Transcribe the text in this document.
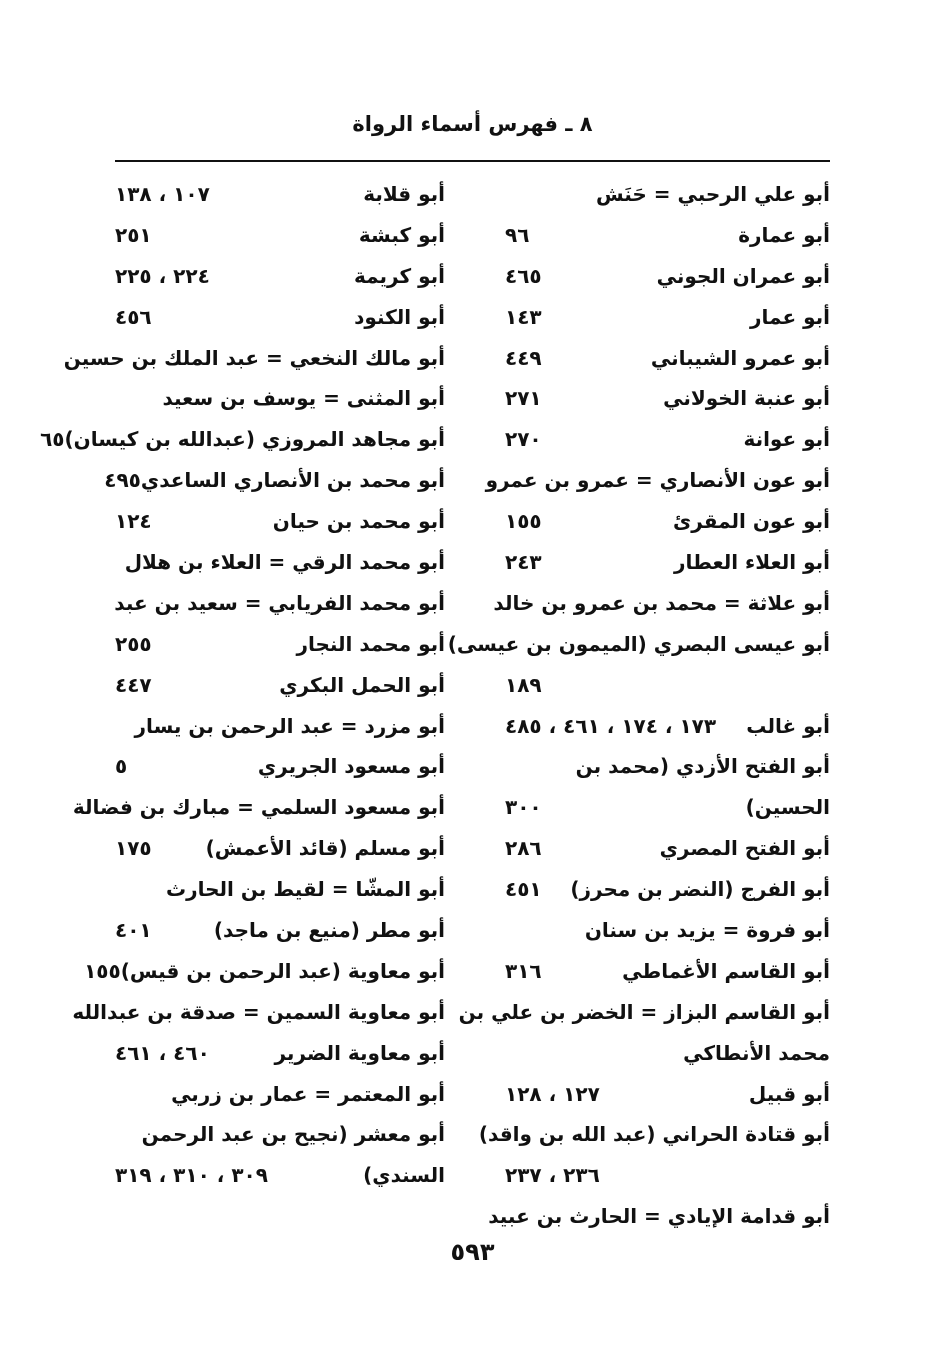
٨ ـ فهرس أسماء الرواة
أبو علي الرحبي = حَنَش
أبو عمارة
٩٦
أبو عمران الجوني
٤٦٥
أبو عمار
١٤٣
أبو عمرو الشيباني
٤٤٩
أبو عنبة الخولاني
٢٧١
أبو عوانة
٢٧٠
أبو عون الأنصاري = عمرو بن عمرو
أبو عون المقرئ
١٥٥
أبو العلاء العطار
٢٤٣
أبو علاثة = محمد بن عمرو بن خالد
أبو عيسى البصري (الميمون بن عيسى)
١٨٩
أبو غالب
١٧٣ ، ١٧٤ ، ٤٦١ ، ٤٨٥
أبو الفتح الأزدي (محمد بن
الحسين)
٣٠٠
أبو الفتح المصري
٢٨٦
أبو الفرج (النضر بن محرز)
٤٥١
أبو فروة = يزيد بن سنان
أبو القاسم الأغماطي
٣١٦
أبو القاسم البزاز = الخضر بن علي بن
محمد الأنطاكي
أبو قبيل
١٢٧ ، ١٢٨
أبو قتادة الحراني (عبد الله بن واقد)
٢٣٦ ، ٢٣٧
أبو قدامة الإيادي = الحارث بن عبيد
أبو قلابة
١٠٧ ، ١٣٨
أبو كبشة
٢٥١
أبو كريمة
٢٢٤ ، ٢٢٥
أبو الكنود
٤٥٦
أبو مالك النخعي = عبد الملك بن حسين
أبو المثنى = يوسف بن سعيد
أبو مجاهد المروزي (عبدالله بن كيسان)
٦٥
أبو محمد بن الأنصاري الساعدي
٤٩٥
أبو محمد بن حيان
١٢٤
أبو محمد الرقي = العلاء بن هلال
أبو محمد الفريابي = سعيد بن عبد
أبو محمد النجار
٢٥٥
أبو الحمل البكري
٤٤٧
أبو مزرد = عبد الرحمن بن يسار
أبو مسعود الجريري
٥
أبو مسعود السلمي = مبارك بن فضالة
أبو مسلم (قائد الأعمش)
١٧٥
أبو المشّا = لقيط بن الحارث
أبو مطر (منيع بن ماجد)
٤٠١
أبو معاوية (عبد الرحمن بن قيس)
١٥٥
أبو معاوية السمين = صدقة بن عبدالله
أبو معاوية الضرير
٤٦٠ ، ٤٦١
أبو المعتمر = عمار بن زربي
أبو معشر (نجيح بن عبد الرحمن
السندي)
٣٠٩ ، ٣١٠ ، ٣١٩
٥٩٣
